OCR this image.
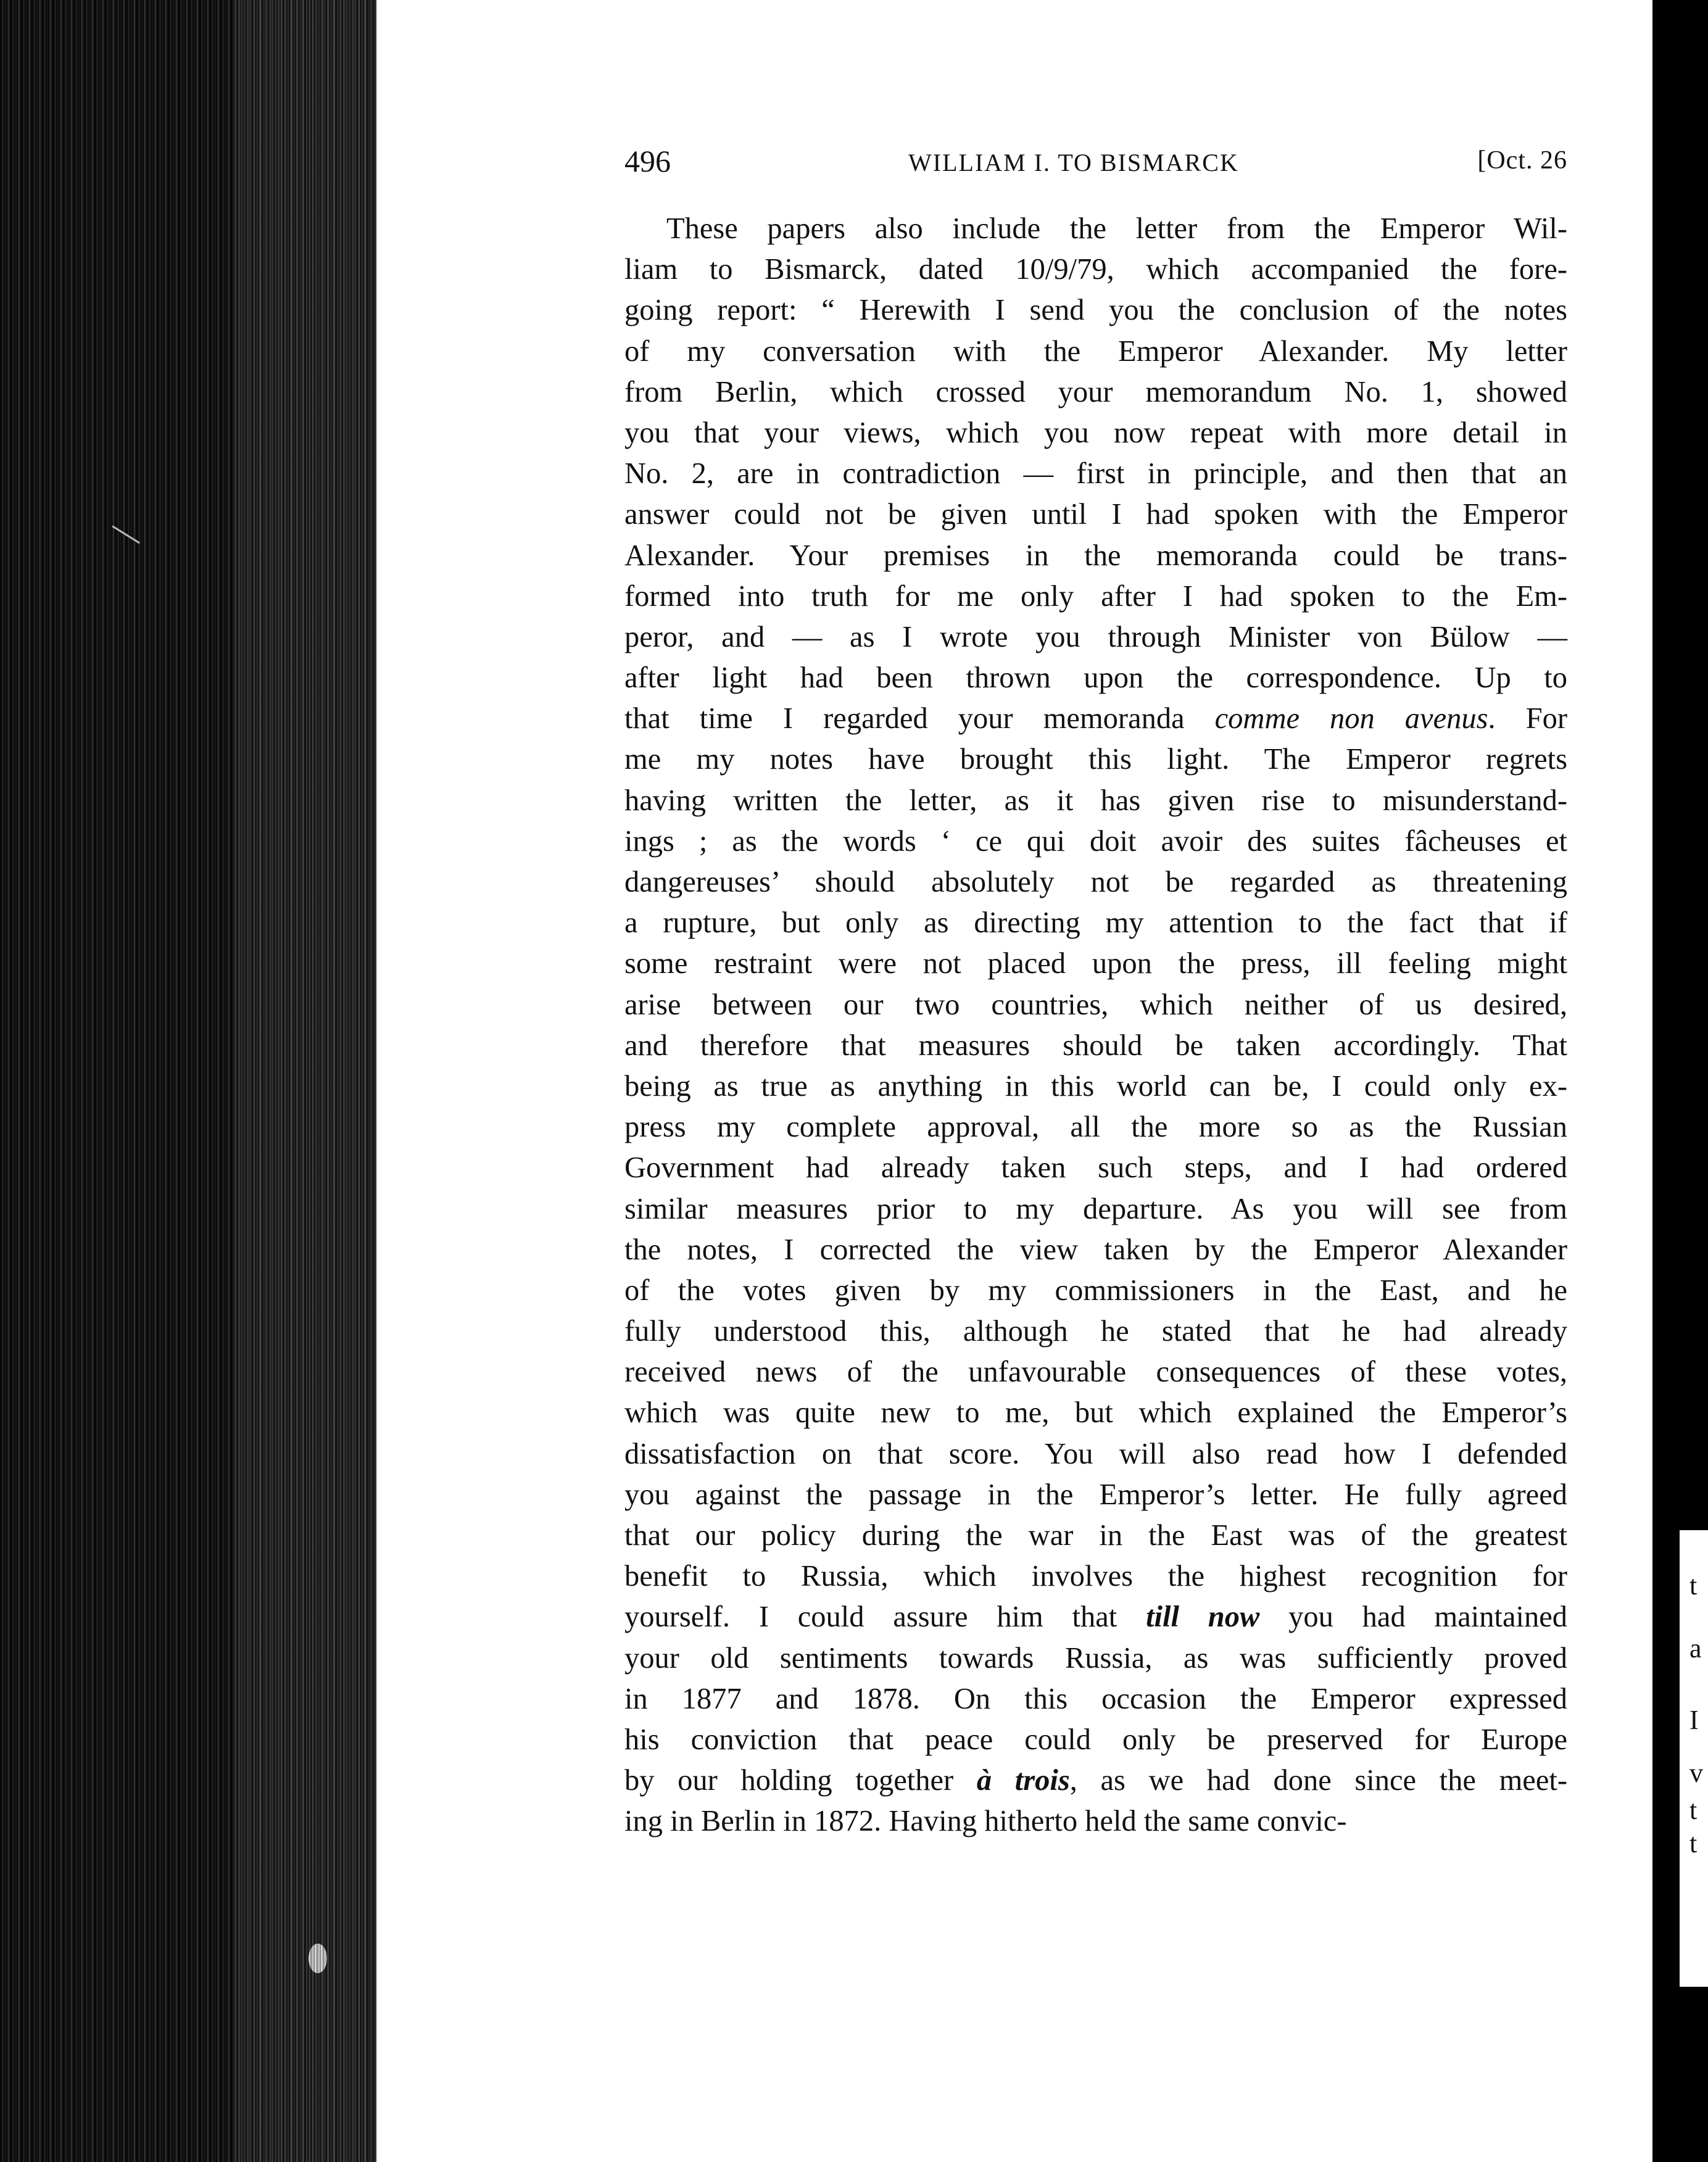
496	WILLIAM I. TO BISMARCK	[Oct. 26
These papers also include the letter from the Emperor Wil-
liam to Bismarck, dated 10/9/79, which accompanied the fore-
going report: “ Herewith I send you the conclusion of the notes
of my conversation with the Emperor Alexander. My letter
from Berlin, which crossed your memorandum No. 1, showed
you that your views, which you now repeat with more detail in
No. 2, are in contradiction — first in principle, and then that an
answer could not be given until I had spoken with the Emperor
Alexander. Your premises in the memoranda could be trans-
formed into truth for me only after I had spoken to the Em-
peror, and — as I wrote you through Minister von Bülow —
after light had been thrown upon the correspondence. Up to
that time I regarded your memoranda comme non avenus. For
me my notes have brought this light. The Emperor regrets
having written the letter, as it has given rise to misunderstand-
ings ; as the words ‘ ce qui doit avoir des suites fâcheuses et
dangereuses’ should absolutely not be regarded as threatening
a rupture, but only as directing my attention to the fact that if
some restraint were not placed upon the press, ill feeling might
arise between our two countries, which neither of us desired,
and therefore that measures should be taken accordingly. That
being as true as anything in this world can be, I could only ex-
press my complete approval, all the more so as the Russian
Government had already taken such steps, and I had ordered
similar measures prior to my departure. As you will see from
the notes, I corrected the view taken by the Emperor Alexander
of the votes given by my commissioners in the East, and he
fully understood this, although he stated that he had already
received news of the unfavourable consequences of these votes,
which was quite new to me, but which explained the Emperor’s
dissatisfaction on that score. You will also read how I defended
you against the passage in the Emperor’s letter. He fully agreed
that our policy during the war in the East was of the greatest
benefit to Russia, which involves the highest recognition for
yourself. I could assure him that till now you had maintained
your old sentiments towards Russia, as was sufficiently proved
in 1877 and 1878. On this occasion the Emperor expressed
his conviction that peace could only be preserved for Europe
by our holding together à trois, as we had done since the meet-
ing in Berlin in 1872. Having hitherto held the same convic-
t
a
I
v
t
t
